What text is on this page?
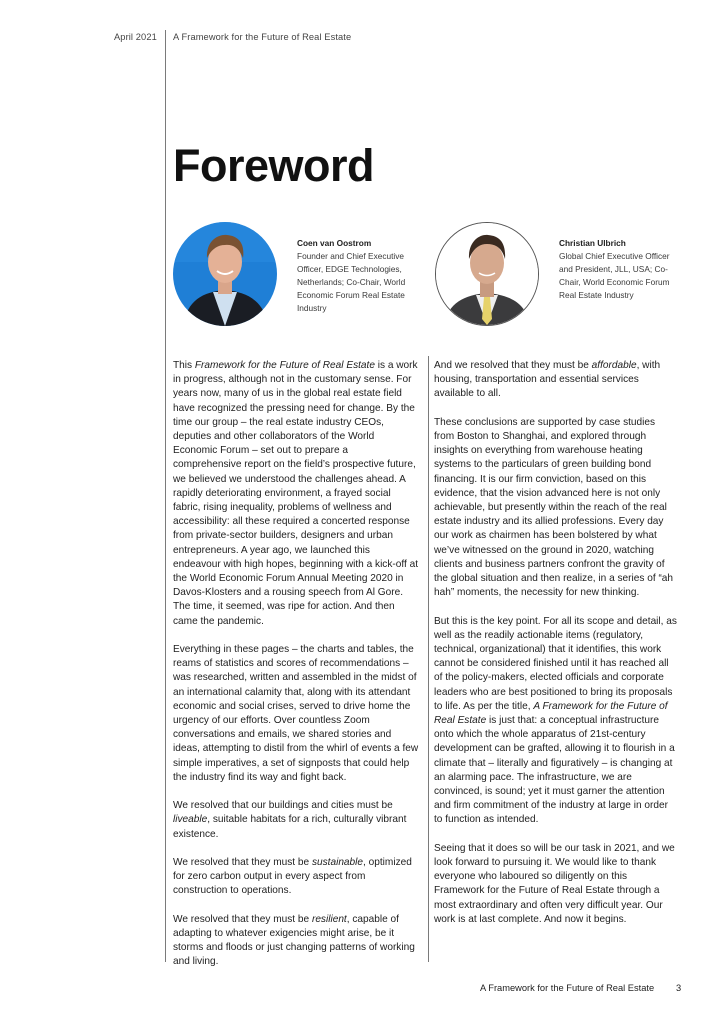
April 2021 A Framework for the Future of Real Estate
Foreword
Coen van Oostrom
Founder and Chief Executive Officer, EDGE Technologies, Netherlands; Co-Chair, World Economic Forum Real Estate Industry
Christian Ulbrich
Global Chief Executive Officer and President, JLL, USA; Co-Chair, World Economic Forum Real Estate Industry

This Framework for the Future of Real Estate is a work in progress, although not in the customary sense. For years now, many of us in the global real estate field have recognized the pressing need for change. By the time our group – the real estate industry CEOs, deputies and other collaborators of the World Economic Forum – set out to prepare a comprehensive report on the field’s prospective future, we believed we understood the challenges ahead. A rapidly deteriorating environment, a frayed social fabric, rising inequality, problems of wellness and accessibility: all these required a concerted response from private-sector builders, designers and urban entrepreneurs. A year ago, we launched this endeavour with high hopes, beginning with a kick-off at the World Economic Forum Annual Meeting 2020 in Davos-Klosters and a rousing speech from Al Gore. The time, it seemed, was ripe for action. And then came the pandemic.

Everything in these pages – the charts and tables, the reams of statistics and scores of recommendations – was researched, written and assembled in the midst of an international calamity that, along with its attendant economic and social crises, served to drive home the urgency of our efforts. Over countless Zoom conversations and emails, we shared stories and ideas, attempting to distil from the whirl of events a few simple imperatives, a set of signposts that could help the industry find its way and fight back.

We resolved that our buildings and cities must be liveable, suitable habitats for a rich, culturally vibrant existence.

We resolved that they must be sustainable, optimized for zero carbon output in every aspect from construction to operations.

We resolved that they must be resilient, capable of adapting to whatever exigencies might arise, be it storms and floods or just changing patterns of working and living.

And we resolved that they must be affordable, with housing, transportation and essential services available to all.

These conclusions are supported by case studies from Boston to Shanghai, and explored through insights on everything from warehouse heating systems to the particulars of green building bond financing. It is our firm conviction, based on this evidence, that the vision advanced here is not only achievable, but presently within the reach of the real estate industry and its allied professions. Every day our work as chairmen has been bolstered by what we’ve witnessed on the ground in 2020, watching clients and business partners confront the gravity of the global situation and then realize, in a series of “ah hah” moments, the necessity for new thinking.

But this is the key point. For all its scope and detail, as well as the readily actionable items (regulatory, technical, organizational) that it identifies, this work cannot be considered finished until it has reached all of the policy-makers, elected officials and corporate leaders who are best positioned to bring its proposals to life. As per the title, A Framework for the Future of Real Estate is just that: a conceptual infrastructure onto which the whole apparatus of 21st-century development can be grafted, allowing it to flourish in a climate that – literally and figuratively – is changing at an alarming pace. The infrastructure, we are convinced, is sound; yet it must garner the attention and firm commitment of the industry at large in order to function as intended.

Seeing that it does so will be our task in 2021, and we look forward to pursuing it. We would like to thank everyone who laboured so diligently on this Framework for the Future of Real Estate through a most extraordinary and often very difficult year. Our work is at last complete. And now it begins.

A Framework for the Future of Real Estate 3
